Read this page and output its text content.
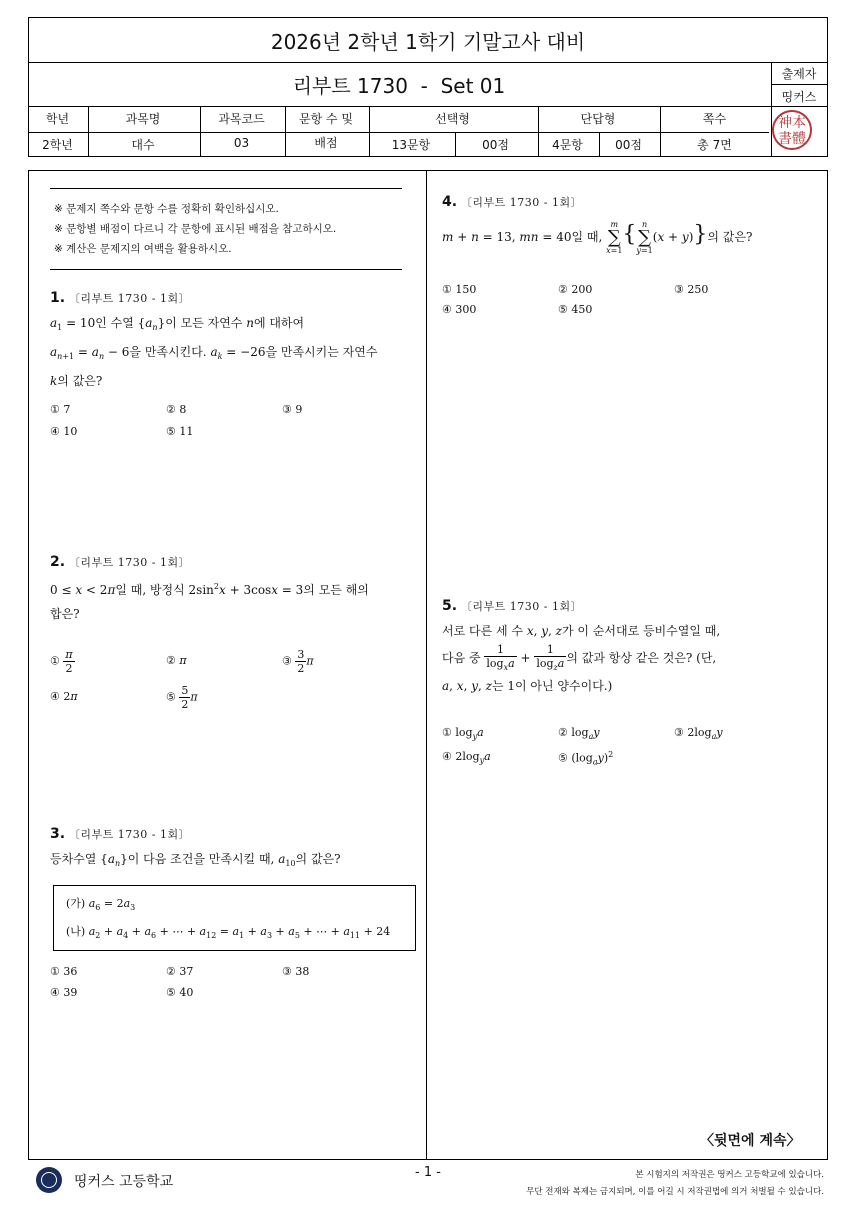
2026년 2학년 1학기 기말고사 대비
리부트 1730  -  Set 01	출제자
띵커스
학년	과목명	과목코드	문항 수 및	선택형	단답형	쪽수
2학년	대수	03	배점	13문항	00점	4문항	00점	총 7면
神本
書體
※ 문제지 쪽수와 문항 수를 정확히 확인하십시오.
※ 문항별 배점이 다르니 각 문항에 표시된 배점을 참고하시오.
※ 계산은 문제지의 여백을 활용하시오.
1. 〔리부트 1730 - 1회〕
$a_1 = 10$인 수열 $\{a_n\}$이 모든 자연수 n에 대하여
$a_{n+1} = a_n - 6$을 만족시킨다. $a_k = -26$을 만족시키는 자연수
k의 값은?
① 7	② 8	③ 9
④ 10	⑤ 11
2. 〔리부트 1730 - 1회〕
0 ≤ x < 2π일 때, 방정식 $2\sin^2x + 3\cos x = 3$의 모든 해의
합은?
① $\frac{\pi}{2}$	② π	③ $\frac{3}{2}$ π
④ 2π	⑤ $\frac{5}{2}$ π
3. 〔리부트 1730 - 1회〕
등차수열 $\{a_n\}$이 다음 조건을 만족시킬 때, $a_{10}$의 값은?
(가) $a_6 = 2a_3$
(나) $a_2 + a_4 + a_6$ + ⋯ + $a_{12} = a_1 + a_3 + a_5$ + ⋯ + $a_{11} + 24$
① 36	② 37	③ 38
④ 39	⑤ 40
4. 〔리부트 1730 - 1회〕
m + n = 13, mn = 40일 때, m
∑
x=1{ n
∑
y=1(x + y)}의 값은?
① 150	② 200	③ 250
④ 300	⑤ 450
5. 〔리부트 1730 - 1회〕
서로 다른 세 수 x, y, z가 이 순서대로 등비수열일 때,
다음 중 $\frac{1}{\log_xa} + \frac{1}{\log_za}$ 의 값과 항상 같은 것은? (단,
a, x, y, z는 1이 아닌 양수이다.)
① $\log_ya$	② $\log_ay$	③ $2\log_ay$
④ $2\log_ya$	⑤ $(\log_ay)^2$
〈뒷면에 계속〉
띵커스 고등학교
- 1 -	본 시험지의 저작권은 띵커스 고등학교에 있습니다.
무단 전재와 복제는 금지되며, 이를 어길 시 저작권법에 의거 처벌될 수 있습니다.
